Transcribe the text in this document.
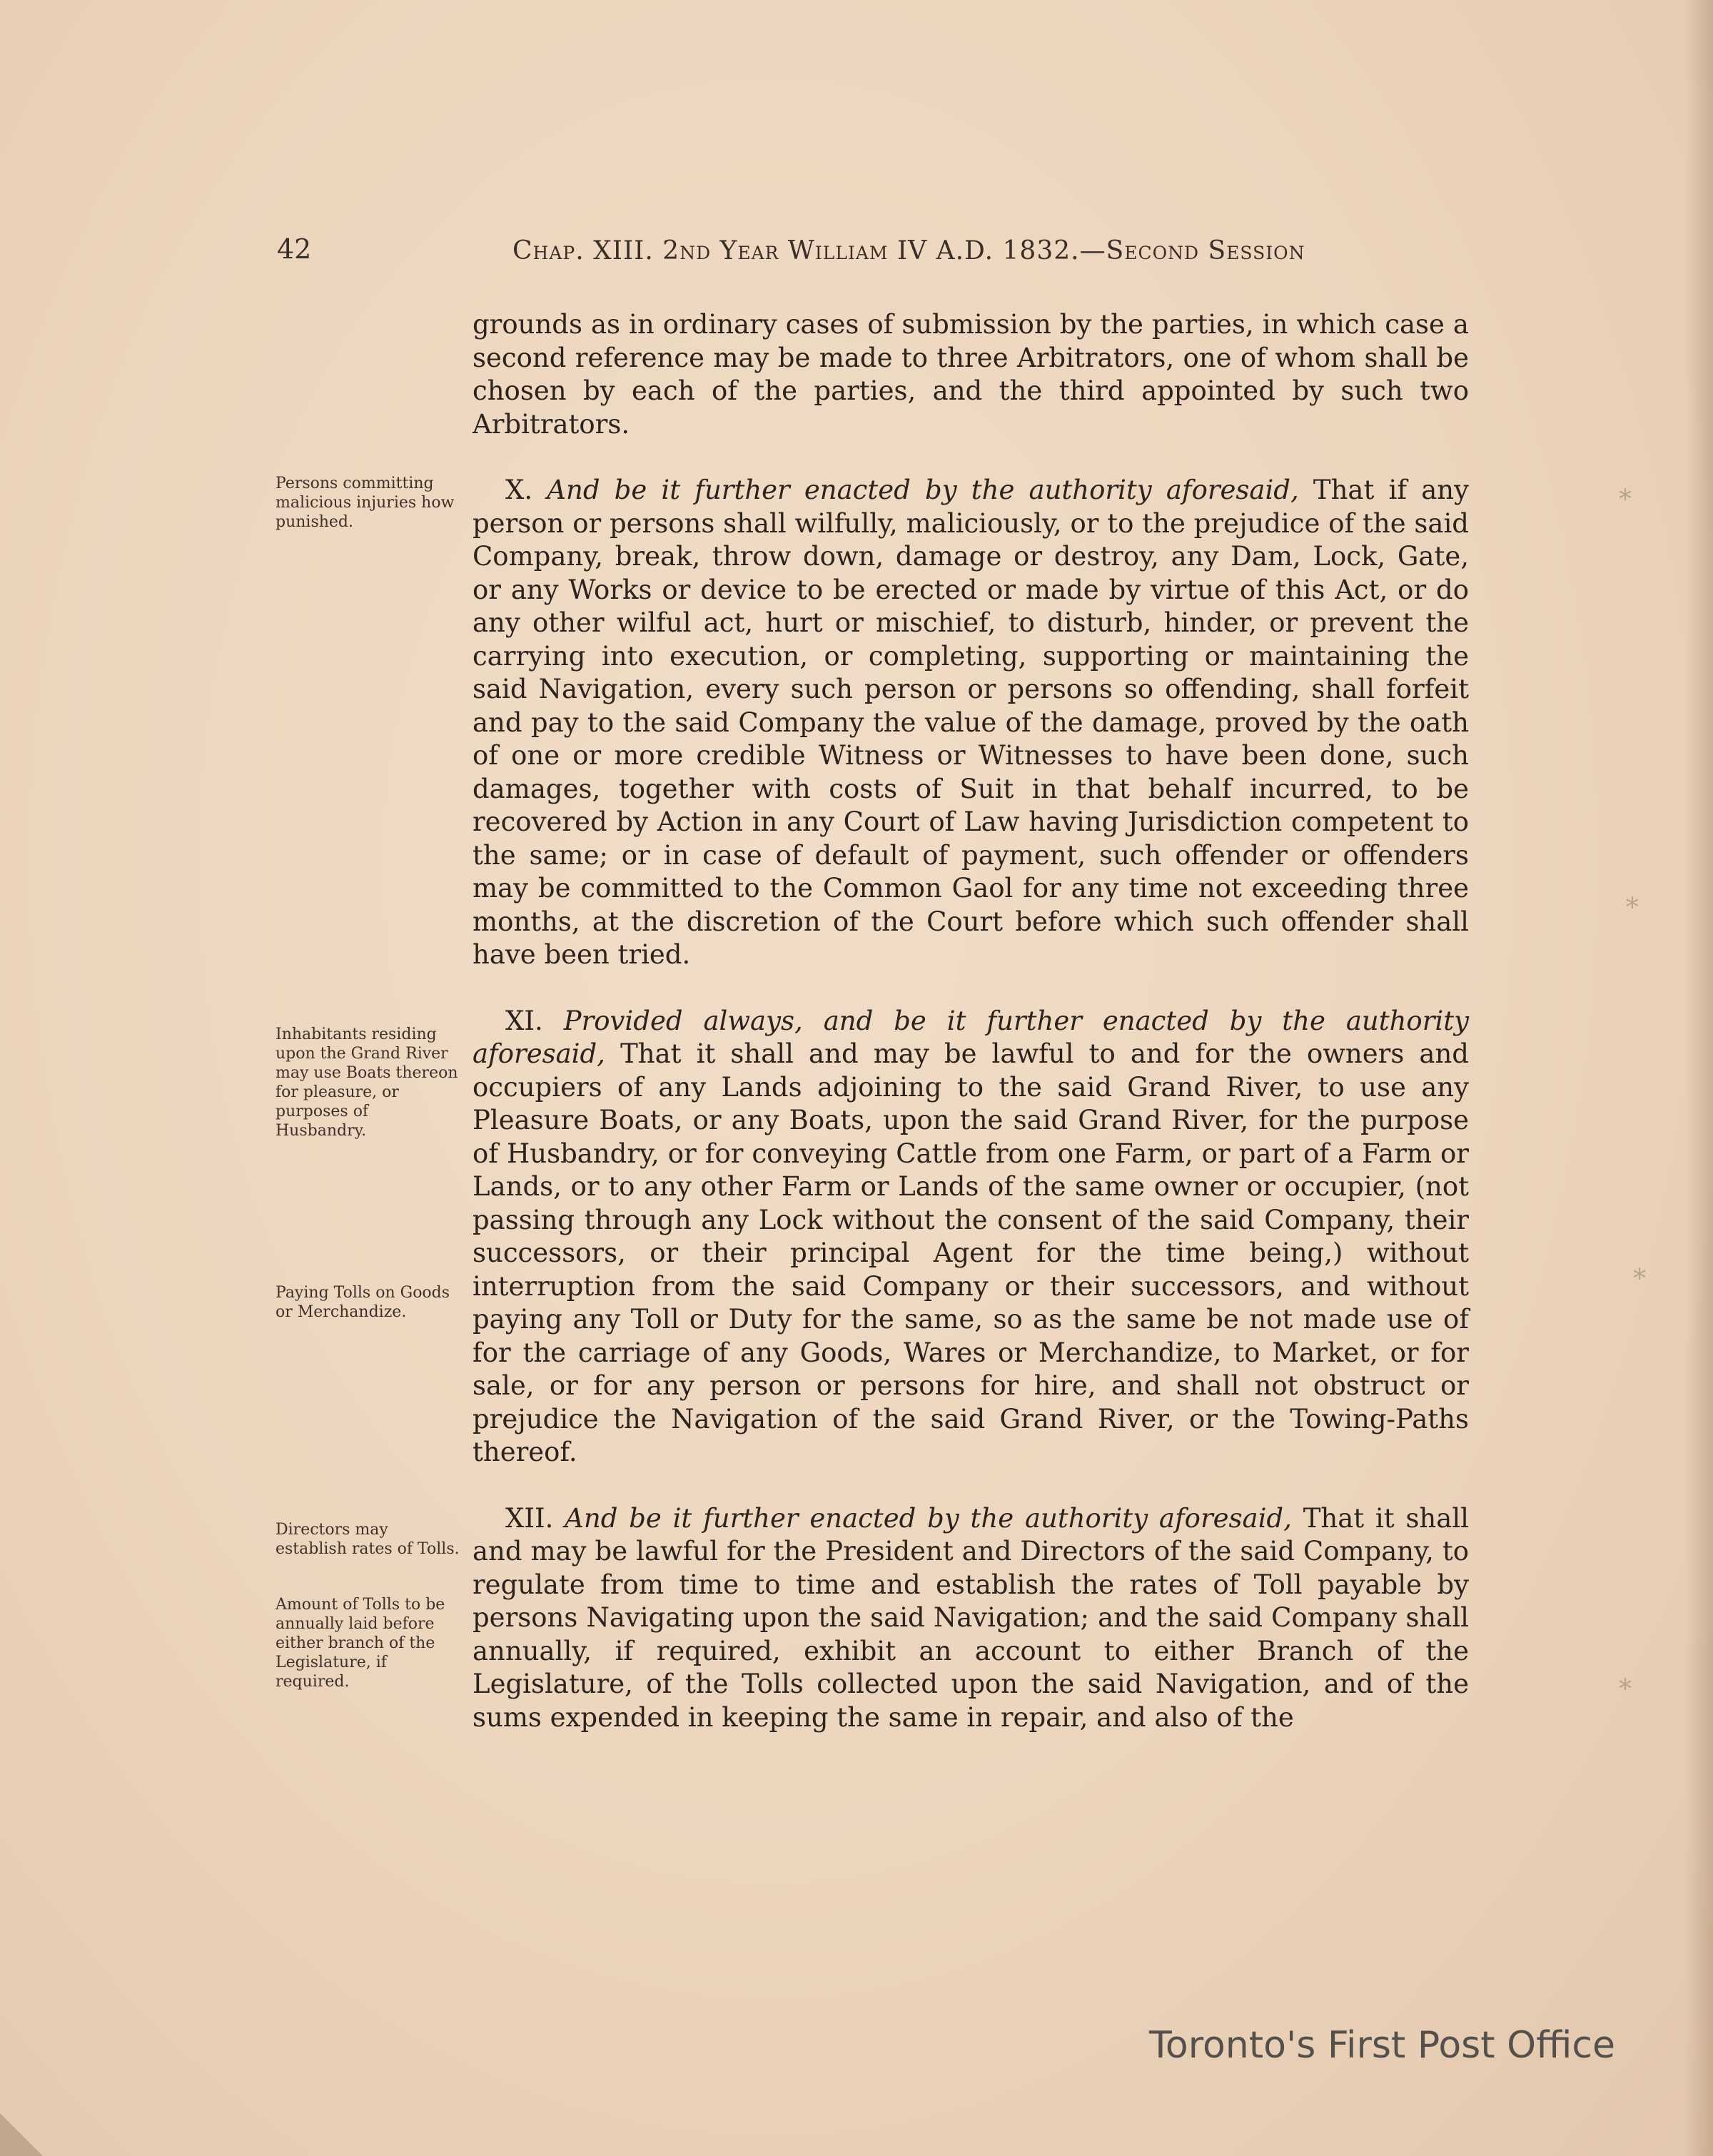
42	Chap. XIII. 2nd Year William IV A.D. 1832.—Second Session
Persons committing malicious injuries how punished.
Inhabitants residing upon the Grand River may use Boats thereon for pleasure, or purposes of Husbandry.
Paying Tolls on Goods or Merchandize.
Directors may establish rates of Tolls.
Amount of Tolls to be annually laid before either branch of the Legislature, if required.

grounds as in ordinary cases of submission by the parties, in which case a second reference may be made to three Arbitrators, one of whom shall be chosen by each of the parties, and the third appointed by such two Arbitrators.

X. And be it further enacted by the authority aforesaid, That if any person or persons shall wilfully, maliciously, or to the prejudice of the said Company, break, throw down, damage or destroy, any Dam, Lock, Gate, or any Works or device to be erected or made by virtue of this Act, or do any other wilful act, hurt or mischief, to disturb, hinder, or prevent the carrying into execution, or completing, supporting or maintaining the said Navigation, every such person or persons so offending, shall forfeit and pay to the said Company the value of the damage, proved by the oath of one or more credible Witness or Witnesses to have been done, such damages, together with costs of Suit in that behalf incurred, to be recovered by Action in any Court of Law having Jurisdiction competent to the same; or in case of default of payment, such offender or offenders may be committed to the Common Gaol for any time not exceeding three months, at the discretion of the Court before which such offender shall have been tried.

XI. Provided always, and be it further enacted by the authority aforesaid, That it shall and may be lawful to and for the owners and occupiers of any Lands adjoining to the said Grand River, to use any Pleasure Boats, or any Boats, upon the said Grand River, for the purpose of Husbandry, or for conveying Cattle from one Farm, or part of a Farm or Lands, or to any other Farm or Lands of the same owner or occupier, (not passing through any Lock without the consent of the said Company, their successors, or their principal Agent for the time being,) without interruption from the said Company or their successors, and without paying any Toll or Duty for the same, so as the same be not made use of for the carriage of any Goods, Wares or Merchandize, to Market, or for sale, or for any person or persons for hire, and shall not obstruct or prejudice the Navigation of the said Grand River, or the Towing-Paths thereof.

XII. And be it further enacted by the authority aforesaid, That it shall and may be lawful for the President and Directors of the said Company, to regulate from time to time and establish the rates of Toll payable by persons Navigating upon the said Navigation; and the said Company shall annually, if required, exhibit an account to either Branch of the Legislature, of the Tolls collected upon the said Navigation, and of the sums expended in keeping the same in repair, and also of the

⁎
⁎
⁎
⁎
Toronto's First Post Office
